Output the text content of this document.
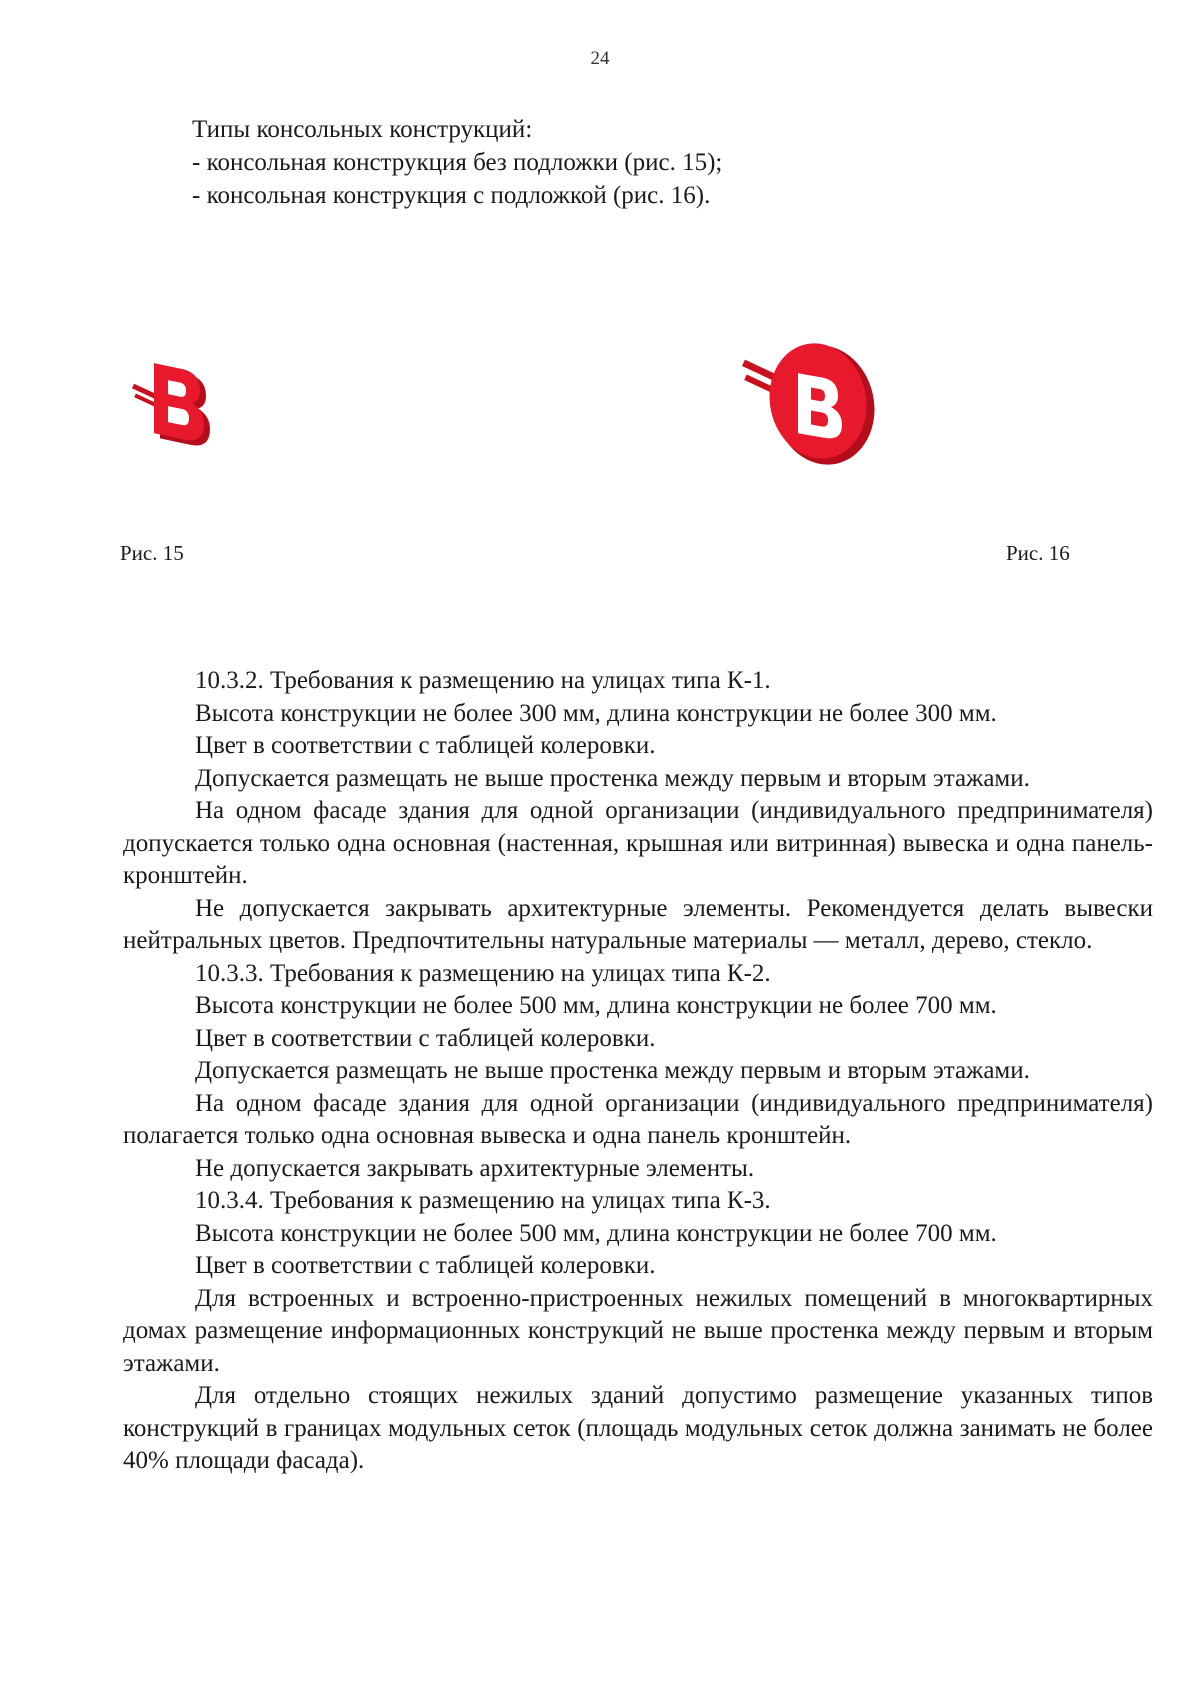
24

Типы консольных конструкций:

- консольная конструкция без подложки (рис. 15);

- консольная конструкция с подложкой (рис. 16).

Рис. 15	Рис. 16

10.3.2. Требования к размещению на улицах типа К-1.

Высота конструкции не более 300 мм, длина конструкции не более 300 мм.

Цвет в соответствии с таблицей колеровки.

Допускается размещать не выше простенка между первым и вторым этажами.

На одном фасаде здания для одной организации (индивидуального предпринимателя) допускается только одна основная (настенная, крышная или витринная) вывеска и одна панель-кронштейн.

Не допускается закрывать архитектурные элементы. Рекомендуется делать вывески нейтральных цветов. Предпочтительны натуральные материалы — металл, дерево, стекло.

10.3.3. Требования к размещению на улицах типа К-2.

Высота конструкции не более 500 мм, длина конструкции не более 700 мм.

Цвет в соответствии с таблицей колеровки.

Допускается размещать не выше простенка между первым и вторым этажами.

На одном фасаде здания для одной организации (индивидуального предпринимателя) полагается только одна основная вывеска и одна панель кронштейн.

Не допускается закрывать архитектурные элементы.

10.3.4. Требования к размещению на улицах типа К-3.

Высота конструкции не более 500 мм, длина конструкции не более 700 мм.

Цвет в соответствии с таблицей колеровки.

Для встроенных и встроенно-пристроенных нежилых помещений в многоквартирных домах размещение информационных конструкций не выше простенка между первым и вторым этажами.

Для отдельно стоящих нежилых зданий допустимо размещение указанных типов конструкций в границах модульных сеток (площадь модульных сеток должна занимать не более 40% площади фасада).
